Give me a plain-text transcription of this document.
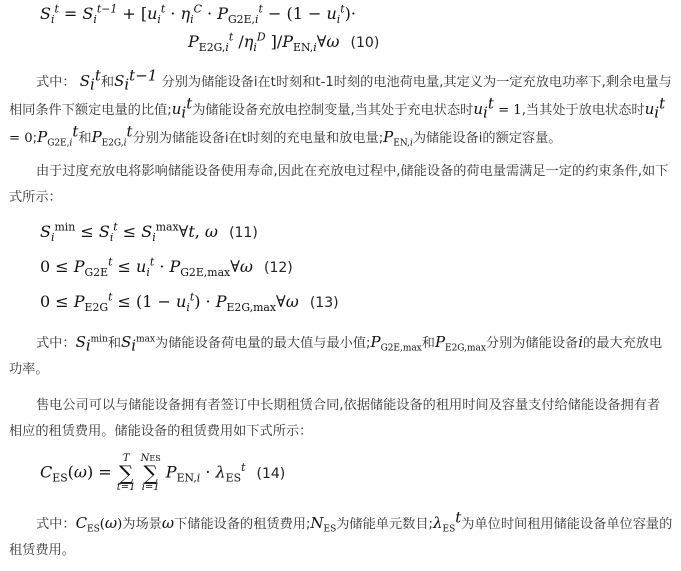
$S_i^t = S_i^{t-1} + [u_i^t \cdot \eta_i^C \cdot P_{G2E,i}^t - (1 - u_i^t)\cdot$
$P_{E2G,i}^t$ $/\eta_i^D$ ]$/P_{EN,i}\forall\omega$ (10)

式中： $S_i^t$和$S_i^{t-1}$ 分别为储能设备i在t时刻和t-1时刻的电池荷电量,其定义为一定充放电功率下,剩余电量与相同条件下额定电量的比值$;u_i^t$为储能设备充放电控制变量,当其处于充电状态时$u_i^t = 1$,当其处于放电状态时$u_i^t$ = $0;P_{G2E,i}^t$和$P_{E2G,i}^t$分别为储能设备i在t时刻的充电量和放电量$;P_{EN,i}$为储能设备i的额定容量。

由于过度充放电将影响储能设备使用寿命,因此在充放电过程中,储能设备的荷电量需满足一定的约束条件,如下式所示：

$S_i^{min} \le S_i^t$ ≤ $S_i^{max}\forall t$, ω (11)
$0 \le P_{G2E}^t \le u_i^t$ · $P_{G2E,max}\forall\omega$ (12)
$0 \le P_{E2G}^t \le (1 - u_i^t)$ · $P_{E2G,max}\forall\omega$ (13)

式中：$S_i^{min}$和$S_i^{max}$为储能设备荷电量的最大值与最小值$;P_{G2E,max}$和$P_{E2G,max}$分别为储能设备i的最大充放电功率。

售电公司可以与储能设备拥有者签订中长期租赁合同,依据储能设备的租用时间及容量支付给储能设备拥有者相应的租赁费用。储能设备的租赁费用如下式所示：

$C_{ES}(\omega)$ =
T
∑
t=1

NES
∑
i=1
$P_{EN,i} \cdot \lambda_{ES}^t$ (14)

式中：$C_{ES}(\omega)$为场景ω下储能设备的租赁费用$;N_{ES}$为储能单元数目$;\lambda_{ES}^t$为单位时间租用储能设备单位容量的租赁费用。
